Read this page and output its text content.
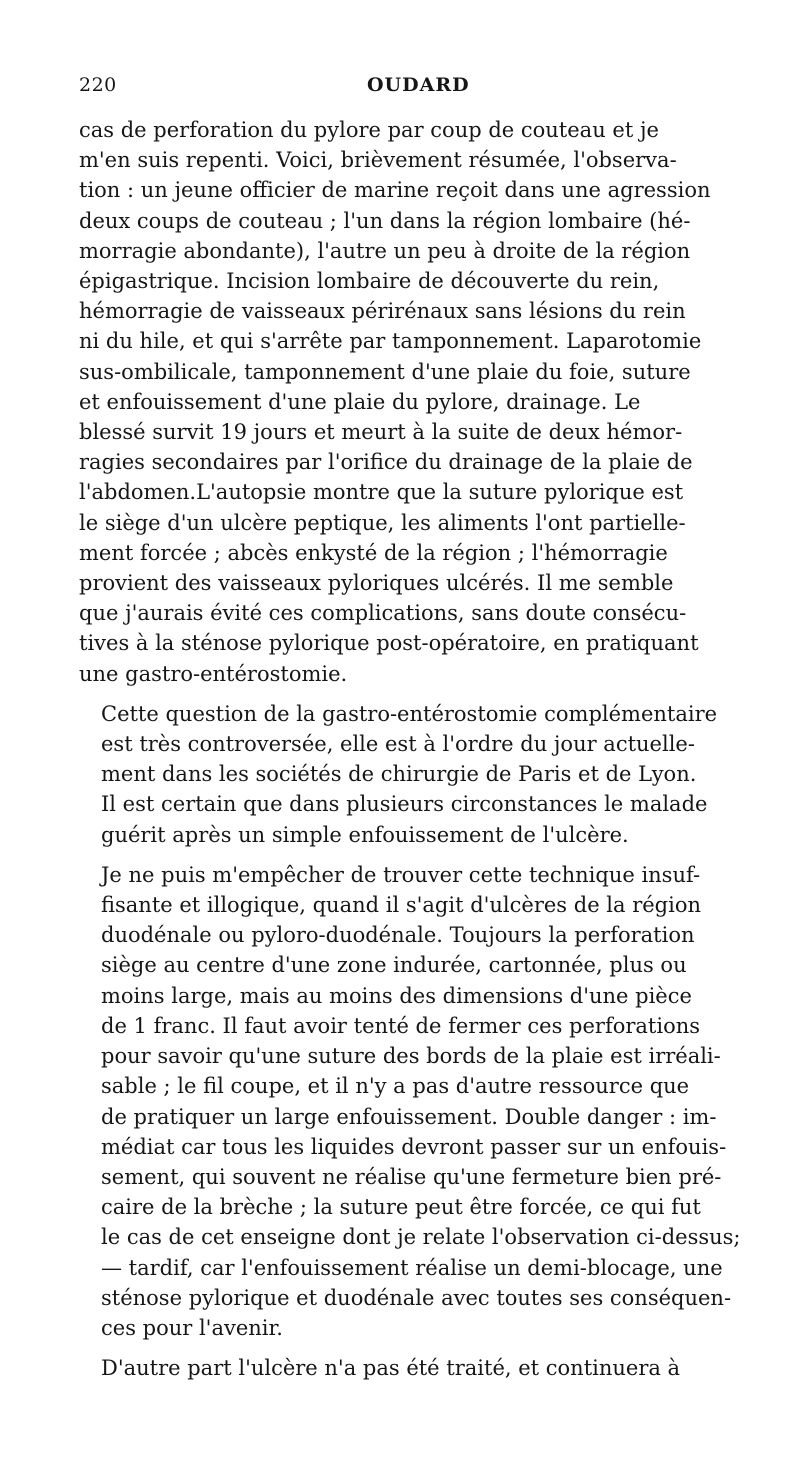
220	OUDARD

cas de perforation du pylore par coup de couteau et je
m'en suis repenti. Voici, brièvement résumée, l'observa-
tion : un jeune officier de marine reçoit dans une agression
deux coups de couteau ; l'un dans la région lombaire (hé-
morragie abondante), l'autre un peu à droite de la région
épigastrique. Incision lombaire de découverte du rein,
hémorragie de vaisseaux périrénaux sans lésions du rein
ni du hile, et qui s'arrête par tamponnement. Laparotomie
sus-ombilicale, tamponnement d'une plaie du foie, suture
et enfouissement d'une plaie du pylore, drainage. Le
blessé survit 19 jours et meurt à la suite de deux hémor-
ragies secondaires par l'orifice du drainage de la plaie de
l'abdomen.L'autopsie montre que la suture pylorique est
le siège d'un ulcère peptique, les aliments l'ont partielle-
ment forcée ; abcès enkysté de la région ; l'hémorragie
provient des vaisseaux pyloriques ulcérés. Il me semble
que j'aurais évité ces complications, sans doute consécu-
tives à la sténose pylorique post-opératoire, en pratiquant
une gastro-entérostomie.

Cette question de la gastro-entérostomie complémentaire
est très controversée, elle est à l'ordre du jour actuelle-
ment dans les sociétés de chirurgie de Paris et de Lyon.
Il est certain que dans plusieurs circonstances le malade
guérit après un simple enfouissement de l'ulcère.

Je ne puis m'empêcher de trouver cette technique insuf-
fisante et illogique, quand il s'agit d'ulcères de la région
duodénale ou pyloro-duodénale. Toujours la perforation
siège au centre d'une zone indurée, cartonnée, plus ou
moins large, mais au moins des dimensions d'une pièce
de 1 franc. Il faut avoir tenté de fermer ces perforations
pour savoir qu'une suture des bords de la plaie est irréali-
sable ; le fil coupe, et il n'y a pas d'autre ressource que
de pratiquer un large enfouissement. Double danger : im-
médiat car tous les liquides devront passer sur un enfouis-
sement, qui souvent ne réalise qu'une fermeture bien pré-
caire de la brèche ; la suture peut être forcée, ce qui fut
le cas de cet enseigne dont je relate l'observation ci-dessus;
— tardif, car l'enfouissement réalise un demi-blocage, une
sténose pylorique et duodénale avec toutes ses conséquen-
ces pour l'avenir.

D'autre part l'ulcère n'a pas été traité, et continuera à
